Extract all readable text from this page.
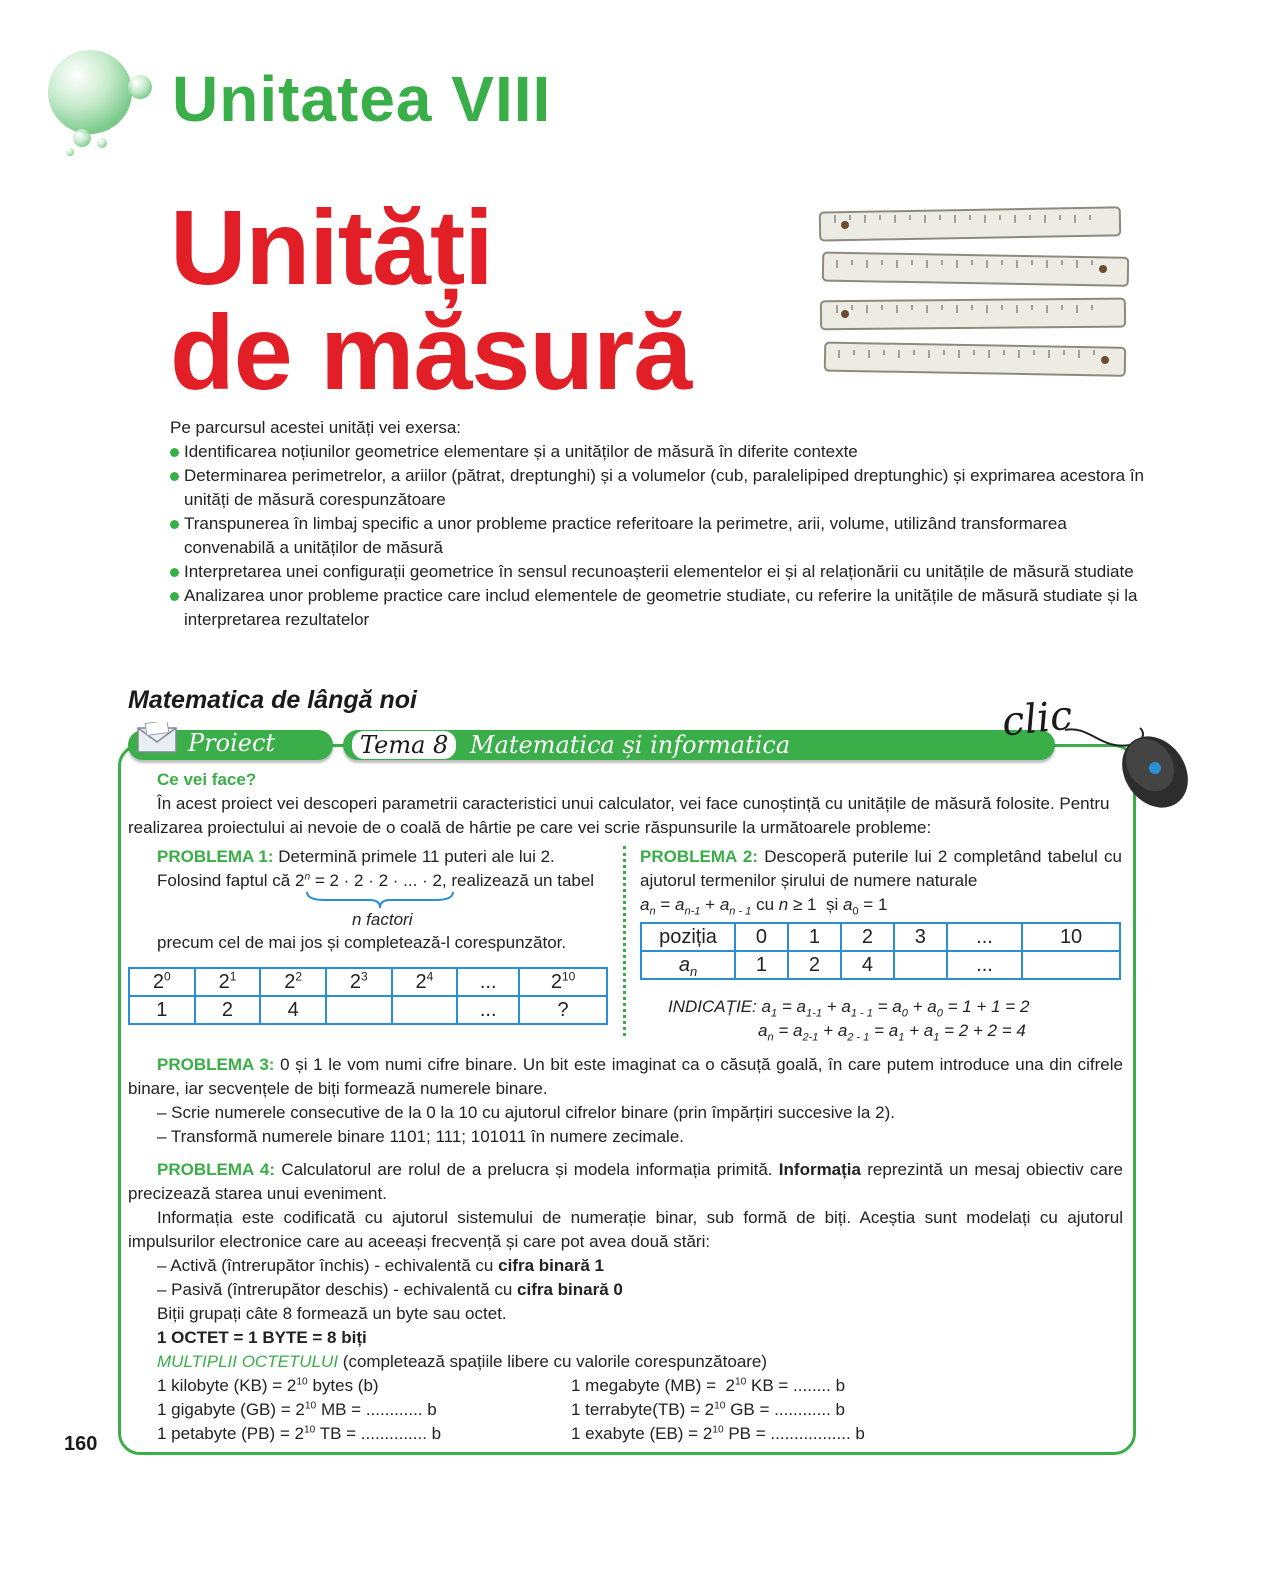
Unitatea VIII
Unități
de măsură
Pe parcursul acestei unități vei exersa:
Identificarea noțiunilor geometrice elementare și a unităților de măsură în diferite contexte
Determinarea perimetrelor, a ariilor (pătrat, dreptunghi) și a volumelor (cub, paralelipiped dreptunghic) și exprimarea acestora în unități de măsură corespunzătoare
Transpunerea în limbaj specific a unor probleme practice referitoare la perimetre, arii, volume, utilizând transformarea convenabilă a unităților de măsură
Interpretarea unei configurații geometrice în sensul recunoașterii elementelor ei și al relaționării cu unitățile de măsură studiate
Analizarea unor probleme practice care includ elementele de geometrie studiate, cu referire la unitățile de măsură studiate și la interpretarea rezultatelor
Matematica de lângă noi
Proiect	Tema 8 Matematica și informatica	clic
Ce vei face?
În acest proiect vei descoperi parametrii caracteristici unui calculator, vei face cunoștință cu unitățile de măsură folosite. Pentru realizarea proiectului ai nevoie de o coală de hârtie pe care vei scrie răspunsurile la următoarele probleme:
PROBLEMA 1: Determină primele 11 puteri ale lui 2.
Folosind faptul că $2^n = 2 \cdot 2 \cdot 2$ · ... · 2, realizează un tabel
n factori
precum cel de mai jos și completează-l corespunzător.
$2^0$	$2^1$	$2^2$	$2^3$	$2^4$	...	$2^{10}$
1	2	4			...	?
PROBLEMA 2: Descoperă puterile lui 2 completând tabelul cu ajutorul termenilor șirului de numere naturale
$a_n = a_{n-1} + a_{n - 1}$ cu n ≥ 1  și $a_0 = 1$
poziția	0	1	2	3	...	10
$a_n$	1	2	4		...	
INDICAȚIE: $a_1 = a_{1-1} + a_{1 - 1} = a_0 + a_0 = 1 + 1 = 2$
$a_n = a_{2-1} + a_{2 - 1} = a_1 + a_1 = 2 + 2 = 4$
PROBLEMA 3: 0 și 1 le vom numi cifre binare. Un bit este imaginat ca o căsuță goală, în care putem introduce una din cifrele binare, iar secvențele de biți formează numerele binare.
– Scrie numerele consecutive de la 0 la 10 cu ajutorul cifrelor binare (prin împărțiri succesive la 2).
– Transformă numerele binare 1101; 111; 101011 în numere zecimale.
PROBLEMA 4: Calculatorul are rolul de a prelucra și modela informația primită. Informația reprezintă un mesaj obiectiv care precizează starea unui eveniment.
Informația este codificată cu ajutorul sistemului de numerație binar, sub formă de biți. Aceștia sunt modelați cu ajutorul impulsurilor electronice care au aceeași frecvență și care pot avea două stări:
– Activă (întrerupător închis) - echivalentă cu cifra binară 1
– Pasivă (întrerupător deschis) - echivalentă cu cifra binară 0
Biții grupați câte 8 formează un byte sau octet.
1 OCTET = 1 BYTE = 8 biți
MULTIPLII OCTETULUI (completează spațiile libere cu valorile corespunzătoare)
1 kilobyte $(KB) = 2^{10}$ bytes (b)
1 gigabyte $(GB) = 2^{10}$ MB = ............ b
1 petabyte $(PB) = 2^{10}$ TB = .............. b
1 megabyte $(MB) = 2^{10}$ KB = ........ b
1 terrabyte(TB) = $2^{10}$ GB = ............ b
1 exabyte $(EB) = 2^{10}$ PB = ................. b
160
